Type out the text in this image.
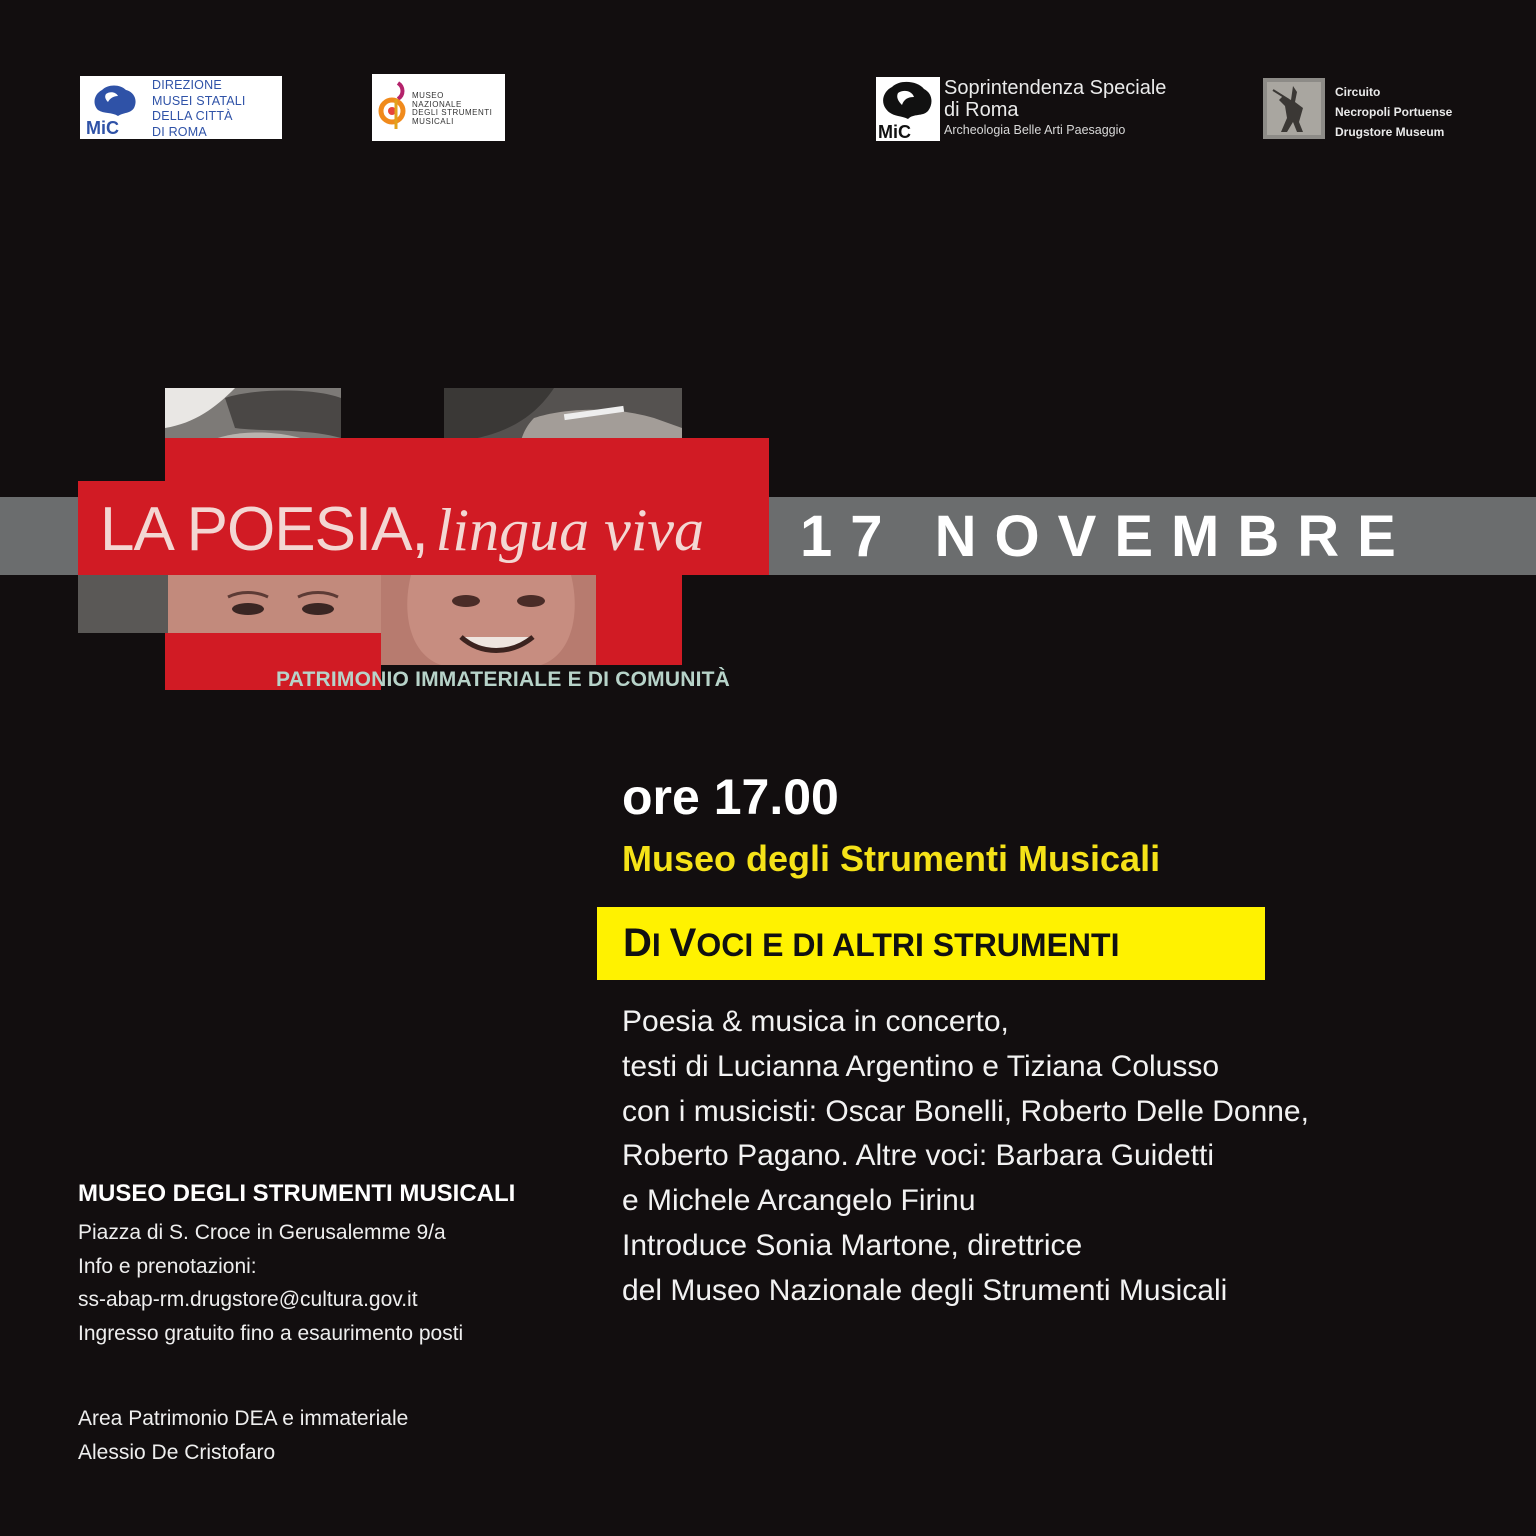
MiC
DIREZIONE
MUSEI STATALI
DELLA CITTÀ
DI ROMA
MUSEO
NAZIONALE
DEGLI STRUMENTI
MUSICALI
MiC
Soprintendenza Speciale
di Roma
Archeologia Belle Arti Paesaggio
Circuito
Necropoli Portuense
Drugstore Museum
LA POESIA, lingua viva 17 NOVEMBRE
PATRIMONIO IMMATERIALE E DI COMUNITÀ
ore 17.00
Museo degli Strumenti Musicali
DI VOCI E DI ALTRI STRUMENTI
Poesia & musica in concerto,
testi di Lucianna Argentino e Tiziana Colusso
con i musicisti: Oscar Bonelli, Roberto Delle Donne,
Roberto Pagano. Altre voci: Barbara Guidetti
e Michele Arcangelo Firinu
Introduce Sonia Martone, direttrice
del Museo Nazionale degli Strumenti Musicali
MUSEO DEGLI STRUMENTI MUSICALI
Piazza di S. Croce in Gerusalemme 9/a
Info e prenotazioni:
ss-abap-rm.drugstore@cultura.gov.it
Ingresso gratuito fino a esaurimento posti
Area Patrimonio DEA e immateriale
Alessio De Cristofaro
